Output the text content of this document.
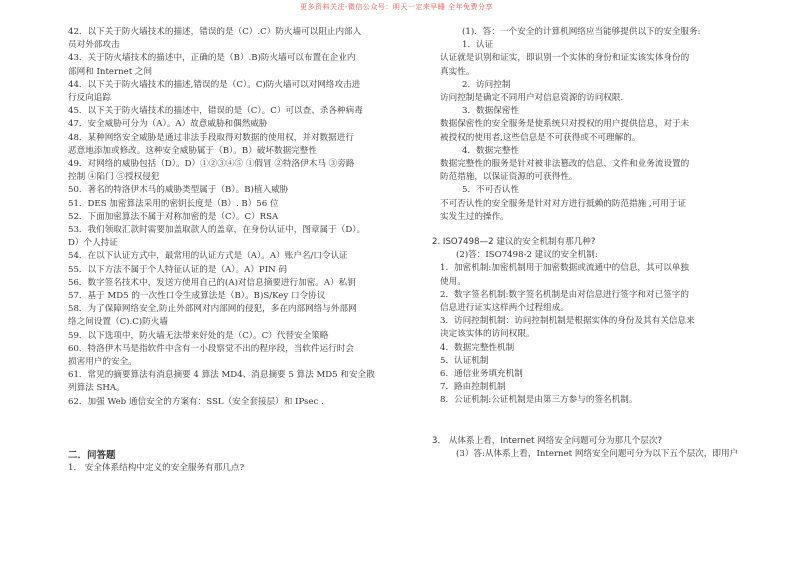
更多资料关注-微信公众号：明天一定来早睡 全年免费分享
42．以下关于防火墙技术的描述，错误的是（C）.C）防火墙可以阻止内部人
员对外部攻击
43．关于防火墙技术的描述中，正确的是（B）.B)防火墙可以布置在企业内
部网和 Internet 之间
44．以下关于防火墙技术的描述,错误的是（C）。C)防火墙可以对网络攻击进
行反向追踪
45．以下关于防火墙技术的描述中，错误的是（C）。C）可以查、杀各种病毒
47．安全威胁可分为（A）。A）故意威胁和偶然威胁
48．某种网络安全威胁是通过非法手段取得对数据的使用权，并对数据进行
恶意地添加或修改。这种安全威胁属于（B）。B）破坏数据完整性
49．对网络的威胁包括（D）。D）①②③④⑤ ①假冒 ②特洛伊木马 ③旁路
控制 ④陷门 ⑤授权侵犯
50．著名的特洛伊木马的威胁类型属于（B）。B)植入威胁
51．DES 加密算法采用的密钥长度是（B）. B）56 位
52．下面加密算法不属于对称加密的是（C）。C）RSA
53．我们领取汇款时需要加盖取款人的盖章，在身份认证中，图章属于（D）。
D）个人持证
54．在以下认证方式中，最常用的认证方式是（A）。A）账户名/口令认证
55．以下方法不属于个人特征认证的是（A）。A）PIN 码
56．数字签名技术中，发送方使用自己的(A)对信息摘要进行加密。A）私钥
57．基于 MD5 的一次性口令生成算法是（B）。B)S/Key 口令协议
58．为了保障网络安全,防止外部网对内部网的侵犯，多在内部网络与外部网
络之间设置（C).C)防火墙
59．以下选项中，防火墙无法带来好处的是（C）。C）代替安全策略
60．特洛伊木马是指软件中含有一小段察觉不出的程序段，当软件运行时会
损害用户的安全。
61．常见的摘要算法有消息摘要 4 算法 MD4、消息摘要 5 算法 MD5 和安全散
列算法 SHA。
62．加强 Web 通信安全的方案有：SSL（安全套接层）和 IPsec .
二．问答题
1． 安全体系结构中定义的安全服务有那几点?
(1)．答：一个安全的计算机网络应当能够提供以下的安全服务:
1．认证
认证就是识别和证实，即识别一个实体的身份和证实该实体身份的
真实性。
2．访问控制
访问控制是确定不同用户对信息资源的访问权限.
3．数据保密性
数据保密性的安全服务是使系统只对授权的用户提供信息，对于未
被授权的使用者,这些信息是不可获得或不可理解的。
4．数据完整性
数据完整性的服务是针对被非法篡改的信息、文件和业务流设置的
防范措施，以保证资源的可获得性。
5．不可否认性
不可否认性的安全服务是针对对方进行抵赖的防范措施 ,可用于证
实发生过的操作。
2. ISO7498—2 建议的安全机制有那几种?
(2)答：ISO7498-2 建议的安全机制:
1．加密机制:加密机制用于加密数据或流通中的信息，其可以单独
使用。
2．数字签名机制:数字签名机制是由对信息进行签字和对已签字的
信息进行证实这样两个过程组成。
3．访问控制机制：访问控制机制是根据实体的身份及其有关信息来
决定该实体的访问权限。
4．数据完整性机制
5．认证机制
6．通信业务填充机制
7．路由控制机制
8．公证机制:公证机制是由第三方参与的签名机制。
3． 从体系上看，Internet 网络安全问题可分为那几个层次?
(3）答:从体系上看，Internet 网络安全问题可分为以下五个层次，即用户
